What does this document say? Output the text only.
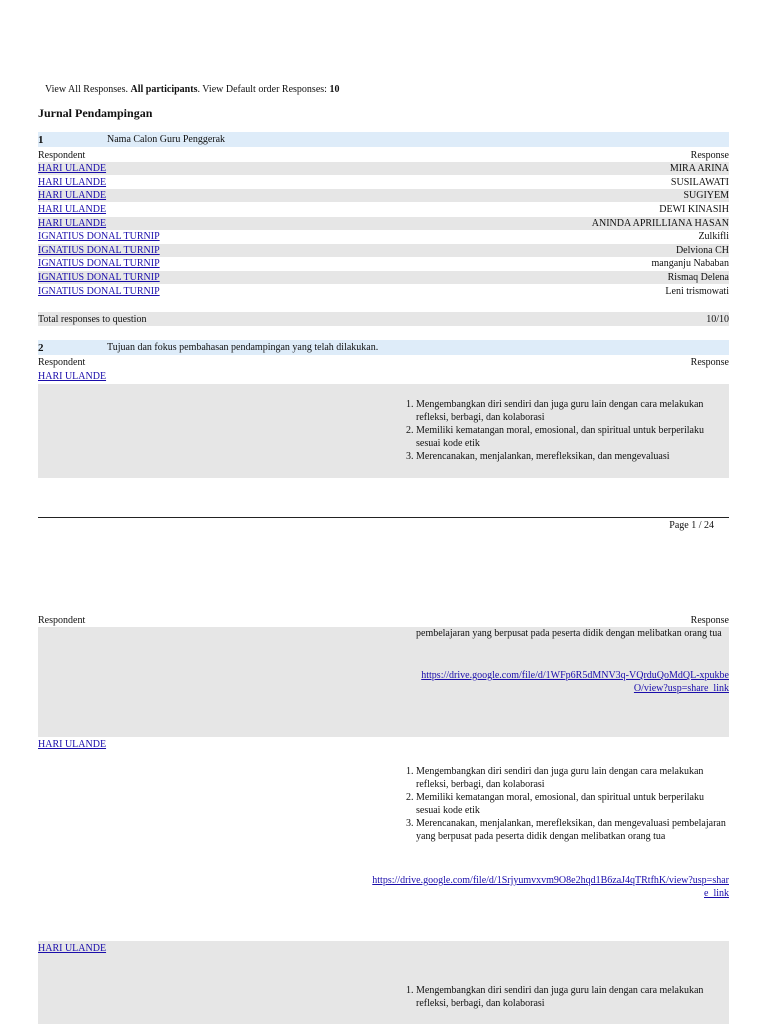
View All Responses. All participants. View Default order Responses: 10
Jurnal Pendampingan
1	Nama Calon Guru Penggerak
Respondent	Response
HARI ULANDE	MIRA ARINA
HARI ULANDE	SUSILAWATI
HARI ULANDE	SUGIYEM
HARI ULANDE	DEWI KINASIH
HARI ULANDE	ANINDA APRILLIANA HASAN
IGNATIUS DONAL TURNIP	Zulkifli
IGNATIUS DONAL TURNIP	Delviona CH
IGNATIUS DONAL TURNIP	manganju Nababan
IGNATIUS DONAL TURNIP	Rismaq Delena
IGNATIUS DONAL TURNIP	Leni trismowati
Total responses to question	10/10
2	Tujuan dan fokus pembahasan pendampingan yang telah dilakukan.
Respondent	Response
HARI ULANDE
1. Mengembangkan diri sendiri dan juga guru lain dengan cara melakukan refleksi, berbagi, dan kolaborasi
2. Memiliki kematangan moral, emosional, dan spiritual untuk berperilaku sesuai kode etik
3. Merencanakan, menjalankan, merefleksikan, dan mengevaluasi
Page 1 / 24
Respondent	Response
pembelajaran yang berpusat pada peserta didik dengan melibatkan orang tua
https://drive.google.com/file/d/1WFp6R5dMNV3q-VQrduQoMdQL-xpukbeO/view?usp=share_link
HARI ULANDE
1. Mengembangkan diri sendiri dan juga guru lain dengan cara melakukan refleksi, berbagi, dan kolaborasi
2. Memiliki kematangan moral, emosional, dan spiritual untuk berperilaku sesuai kode etik
3. Merencanakan, menjalankan, merefleksikan, dan mengevaluasi pembelajaran yang berpusat pada peserta didik dengan melibatkan orang tua
https://drive.google.com/file/d/1Srjyumvxvm9O8e2hqd1B6zaJ4qTRtfhK/view?usp=share_link
HARI ULANDE
1. Mengembangkan diri sendiri dan juga guru lain dengan cara melakukan refleksi, berbagi, dan kolaborasi
